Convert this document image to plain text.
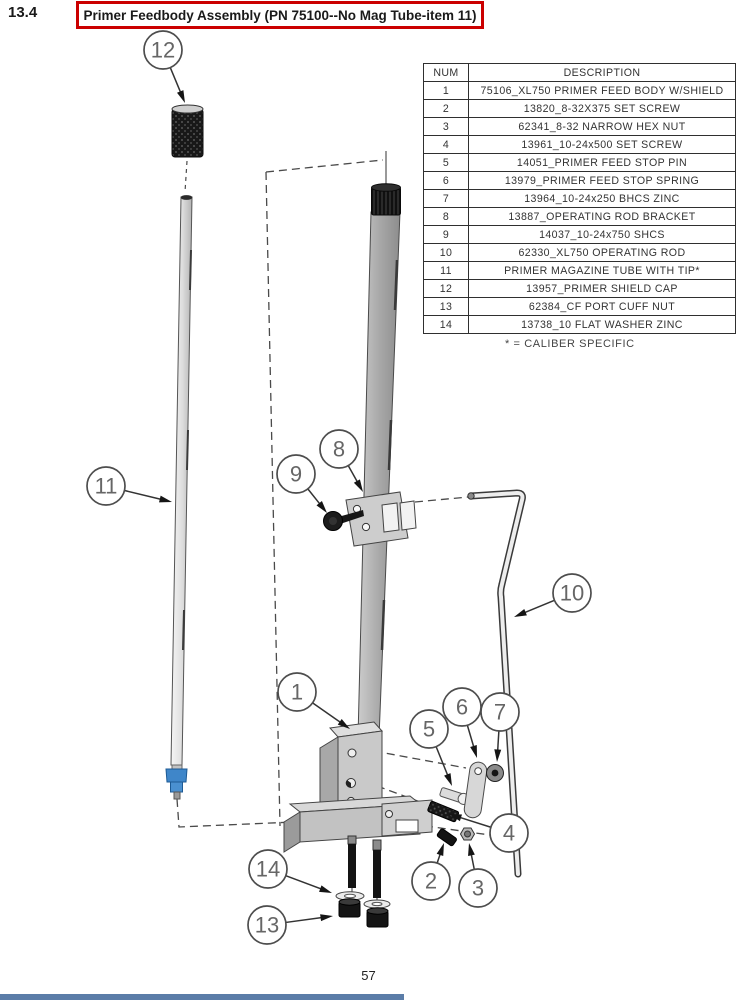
13.4	Primer Feedbody Assembly (PN 75100--No Mag Tube-item 11)
12
11
8
9
10
1
5
6 7
4
2 3
14
13
NUM	DESCRIPTION
1	75106_XL750 PRIMER FEED BODY W/SHIELD
2	13820_8-32X375 SET SCREW
3	62341_8-32 NARROW HEX NUT
4	13961_10-24x500 SET SCREW
5	14051_PRIMER FEED STOP PIN
6	13979_PRIMER FEED STOP SPRING
7	13964_10-24x250 BHCS ZINC
8	13887_OPERATING ROD BRACKET
9	14037_10-24x750 SHCS
10	62330_XL750 OPERATING ROD
11	PRIMER MAGAZINE TUBE WITH TIP*
12	13957_PRIMER SHIELD CAP
13	62384_CF PORT CUFF NUT
14	13738_10 FLAT WASHER ZINC
* = CALIBER SPECIFIC
57
